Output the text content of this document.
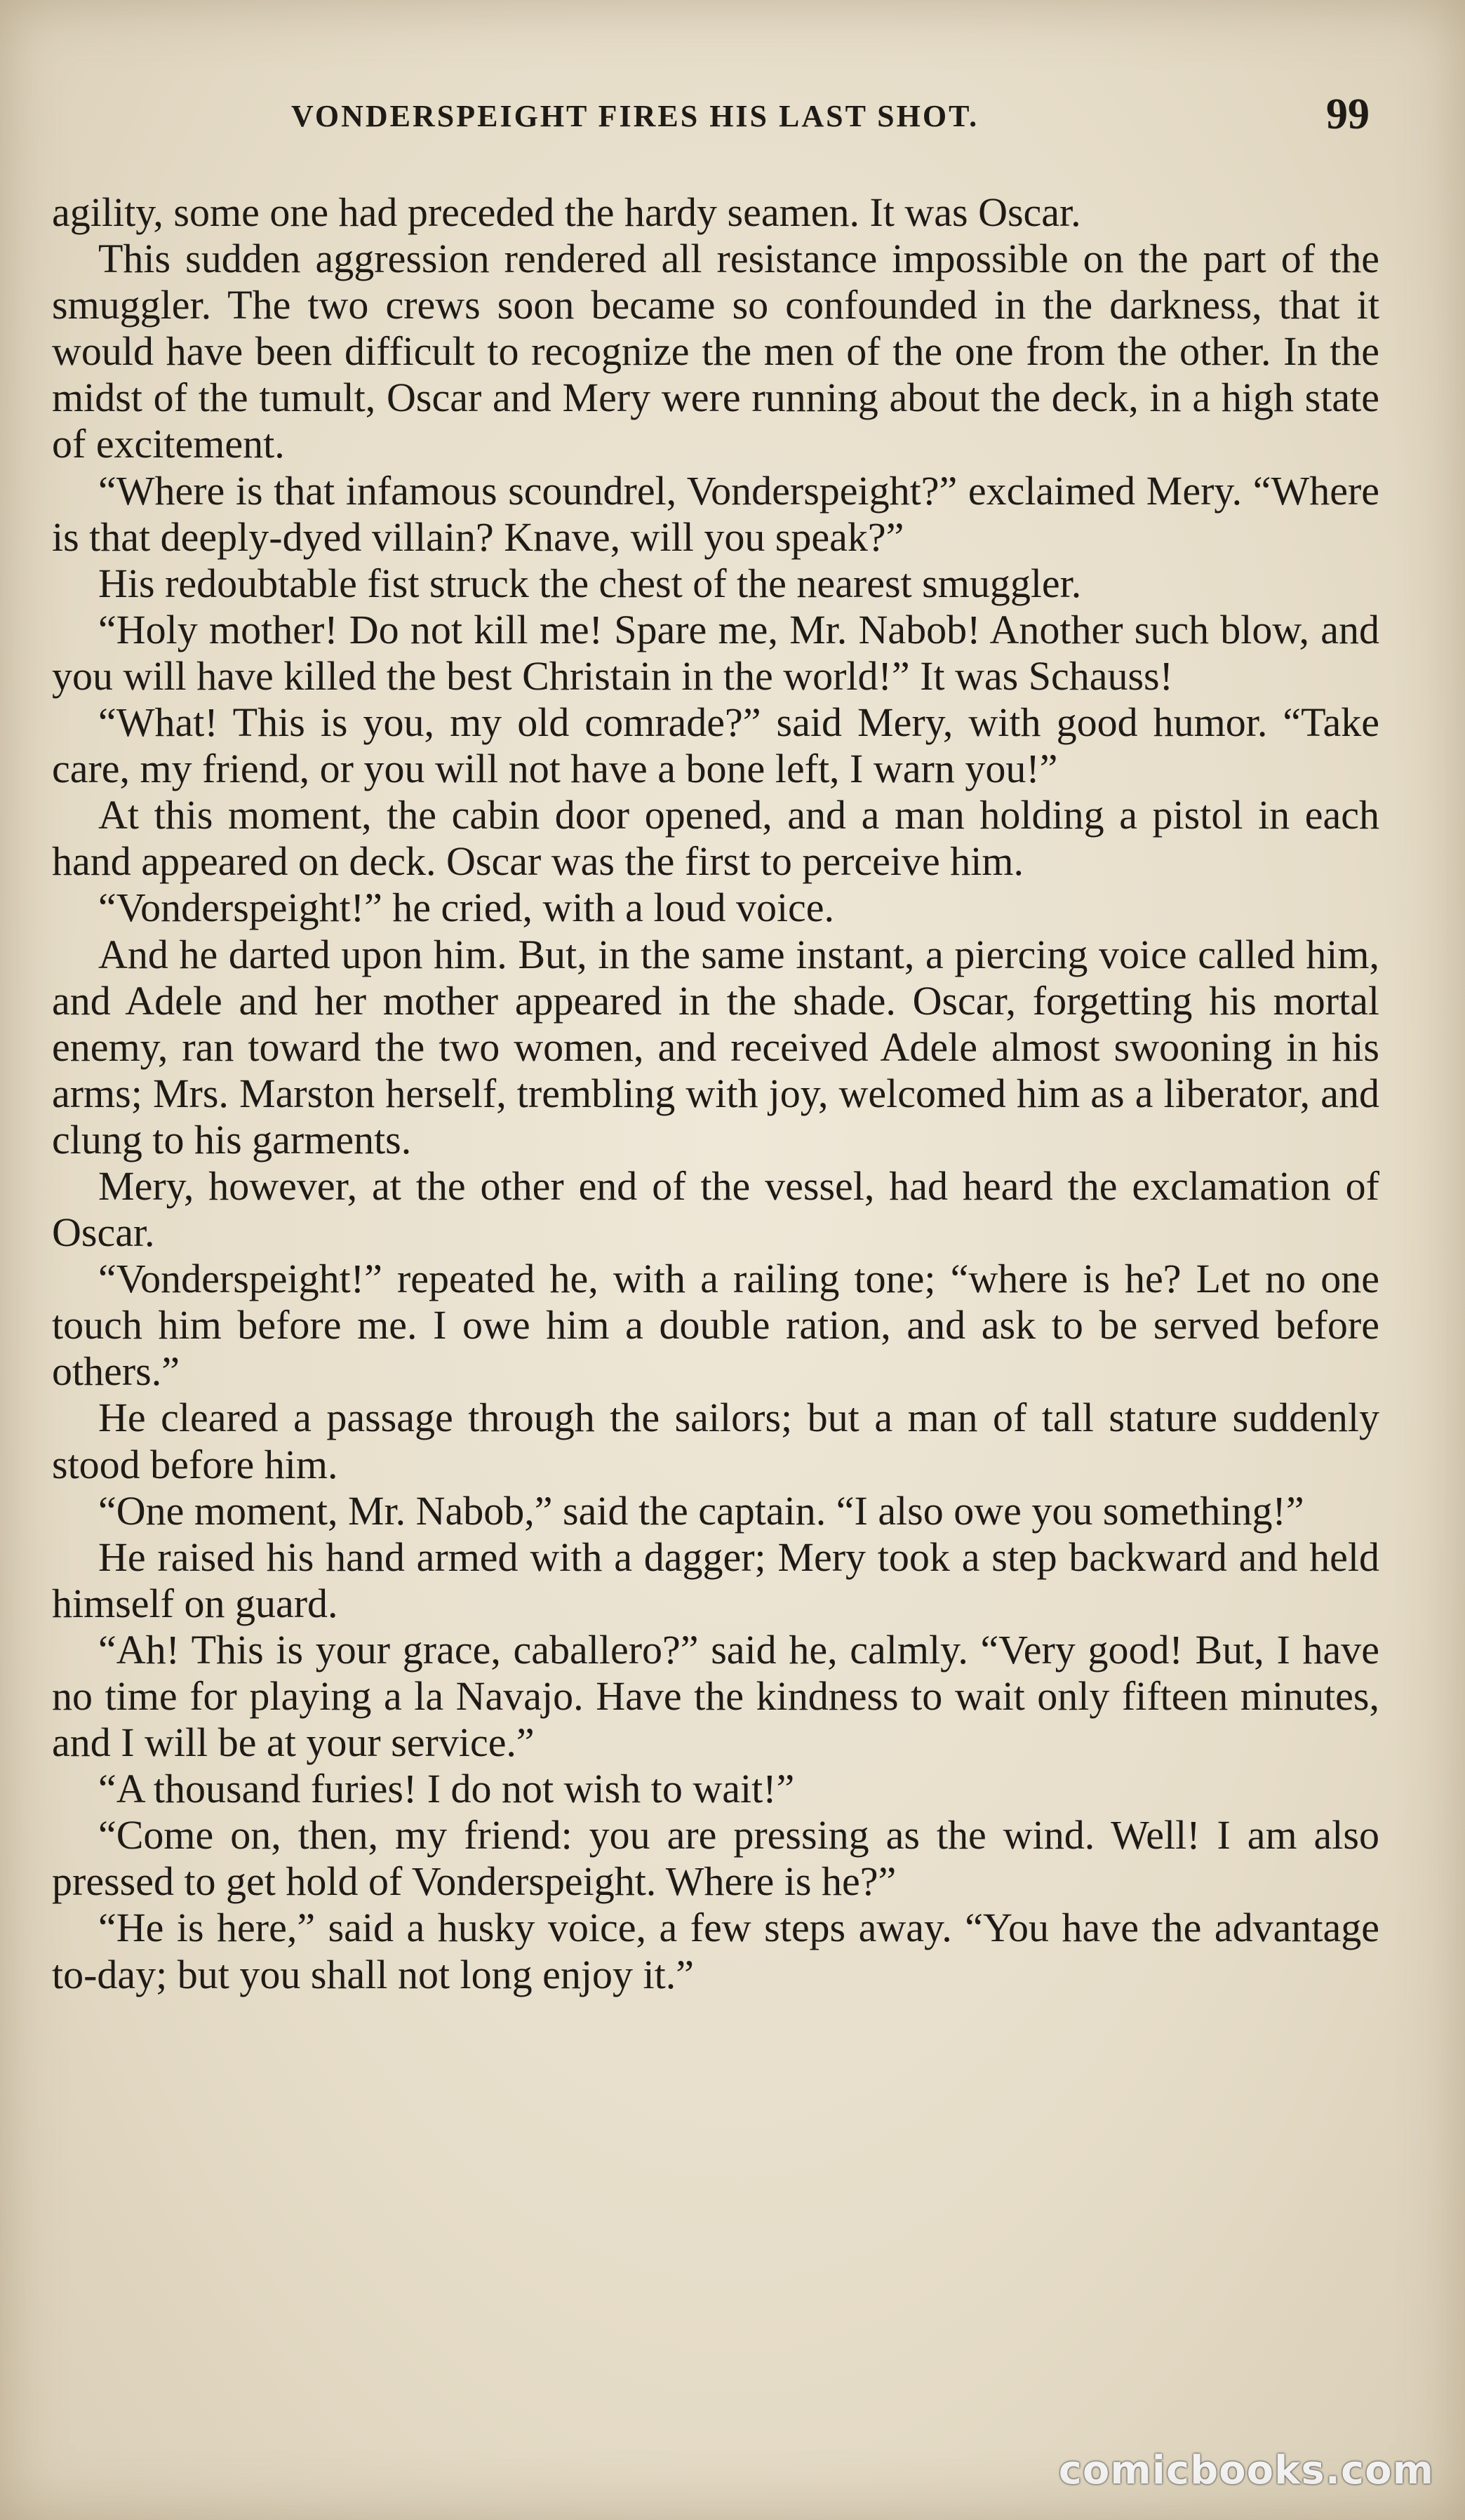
VONDERSPEIGHT FIRES HIS LAST SHOT.	99

agility, some one had preceded the hardy seamen. It was Oscar.

This sudden aggression rendered all resistance impossible on the part of the smuggler. The two crews soon became so confounded in the darkness, that it would have been difficult to recognize the men of the one from the other. In the midst of the tumult, Oscar and Mery were running about the deck, in a high state of excitement.

“Where is that infamous scoundrel, Vonderspeight?” exclaimed Mery. “Where is that deeply-dyed villain? Knave, will you speak?”

His redoubtable fist struck the chest of the nearest smuggler.

“Holy mother! Do not kill me! Spare me, Mr. Nabob! Another such blow, and you will have killed the best Christain in the world!” It was Schauss!

“What! This is you, my old comrade?” said Mery, with good humor. “Take care, my friend, or you will not have a bone left, I warn you!”

At this moment, the cabin door opened, and a man holding a pistol in each hand appeared on deck. Oscar was the first to perceive him.

“Vonderspeight!” he cried, with a loud voice.

And he darted upon him. But, in the same instant, a piercing voice called him, and Adele and her mother appeared in the shade. Oscar, forgetting his mortal enemy, ran toward the two women, and received Adele almost swooning in his arms; Mrs. Marston herself, trembling with joy, welcomed him as a liberator, and clung to his garments.

Mery, however, at the other end of the vessel, had heard the exclamation of Oscar.

“Vonderspeight!” repeated he, with a railing tone; “where is he? Let no one touch him before me. I owe him a double ration, and ask to be served before others.”

He cleared a passage through the sailors; but a man of tall stature suddenly stood before him.

“One moment, Mr. Nabob,” said the captain. “I also owe you something!”

He raised his hand armed with a dagger; Mery took a step backward and held himself on guard.

“Ah! This is your grace, caballero?” said he, calmly. “Very good! But, I have no time for playing a la Navajo. Have the kindness to wait only fifteen minutes, and I will be at your service.”

“A thousand furies! I do not wish to wait!”

“Come on, then, my friend: you are pressing as the wind. Well! I am also pressed to get hold of Vonderspeight. Where is he?”

“He is here,” said a husky voice, a few steps away. “You have the advantage to-day; but you shall not long enjoy it.”

comicbooks.com
